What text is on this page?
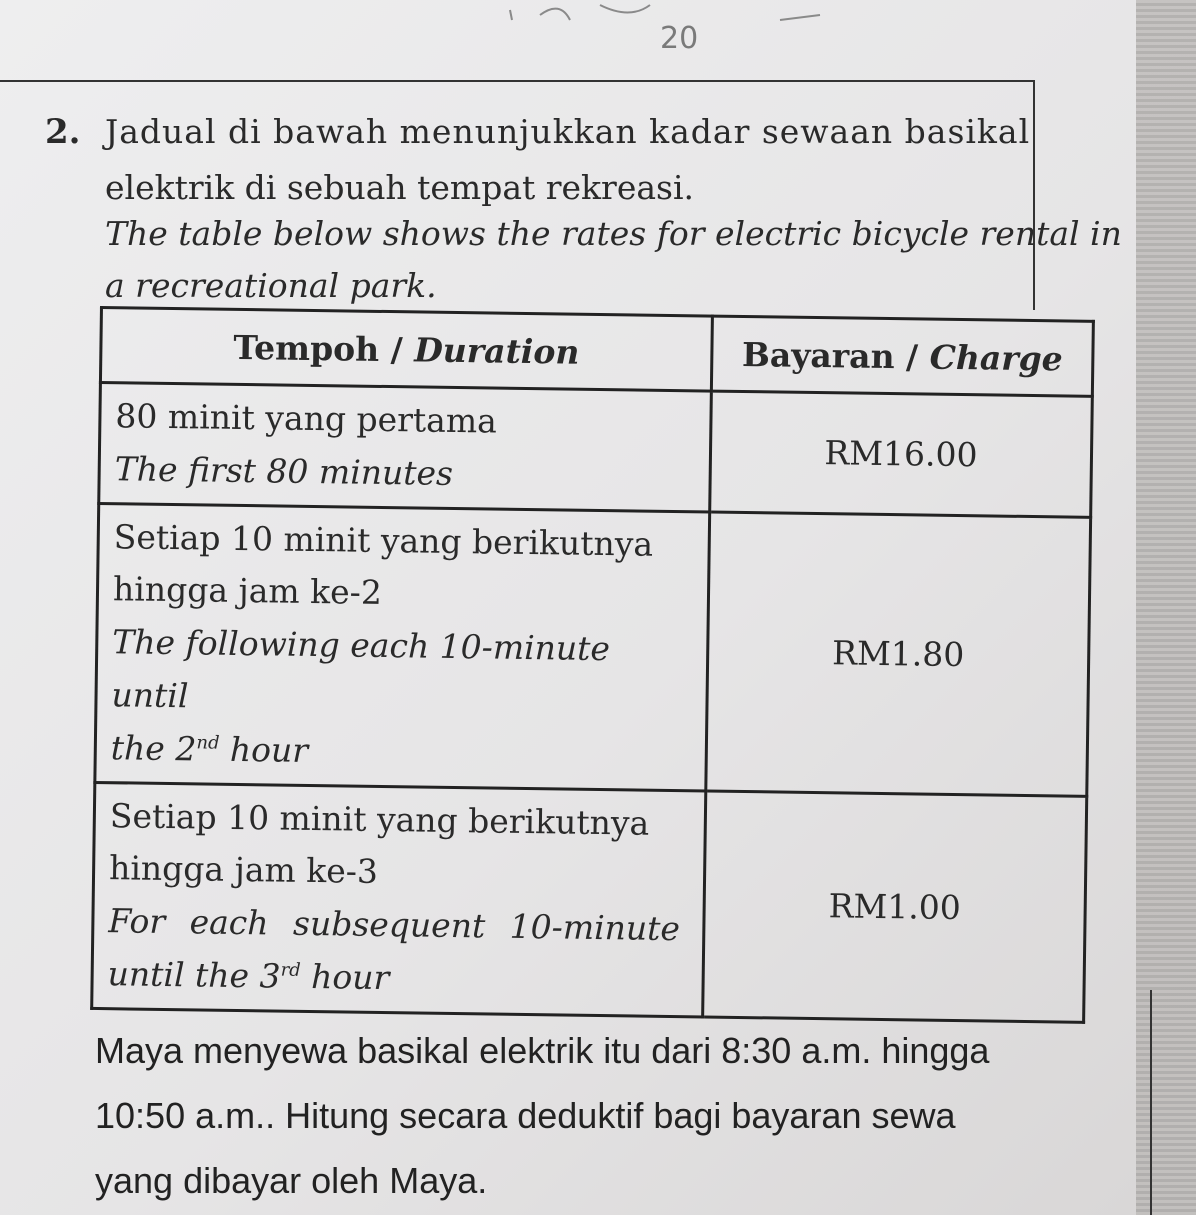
20
2. Jadual di bawah menunjukkan kadar sewaan basikal
elektrik di sebuah tempat rekreasi.
The table below shows the rates for electric bicycle rental in
a recreational park.
Tempoh / Duration	Bayaran / Charge

80 minit yang pertama
The first 80 minutes	RM16.00

Setiap 10 minit yang berikutnya
hingga jam ke-2
The following each 10-minute until
the 2nd hour	RM1.80

Setiap 10 minit yang berikutnya
hingga jam ke-3
For each subsequent 10-minute
until the 3rd hour	RM1.00
Maya menyewa basikal elektrik itu dari 8:30 a.m. hingga
10:50 a.m.. Hitung secara deduktif bagi bayaran sewa
yang dibayar oleh Maya.
